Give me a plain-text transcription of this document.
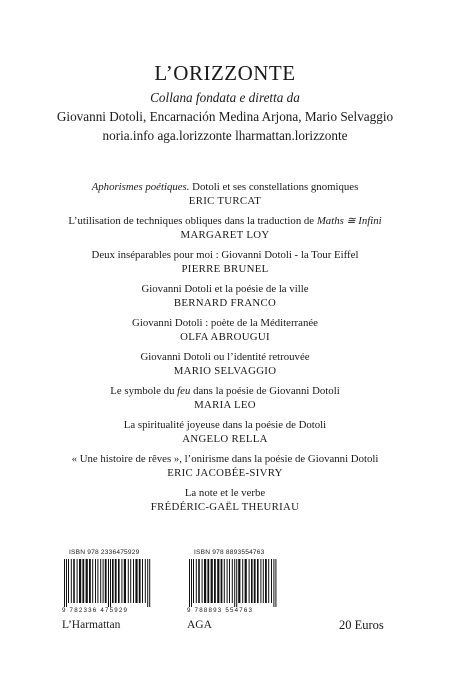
L’ORIZZONTE
Collana fondata e diretta da
Giovanni Dotoli, Encarnación Medina Arjona, Mario Selvaggio
noria.info aga.lorizzonte lharmattan.lorizzonte
Aphorismes poétiques. Dotoli et ses constellations gnomiques
ERIC TURCAT
L’utilisation de techniques obliques dans la traduction de Maths ≅ Infini
MARGARET LOY
Deux inséparables pour moi : Giovanni Dotoli - la Tour Eiffel
PIERRE BRUNEL
Giovanni Dotoli et la poésie de la ville
BERNARD FRANCO
Giovanni Dotoli : poète de la Méditerranée
OLFA ABROUGUI
Giovanni Dotoli ou l’identité retrouvée
MARIO SELVAGGIO
Le symbole du feu dans la poésie de Giovanni Dotoli
MARIA LEO
La spiritualité joyeuse dans la poésie de Dotoli
ANGELO RELLA
« Une histoire de rêves », l’onirisme dans la poésie de Giovanni Dotoli
ERIC JACOBÉE-SIVRY
La note et le verbe
FRÉDÉRIC-GAËL THEURIAU
ISBN 978 2336475929
9 782336 475929
ISBN 978 8893554763
9 788893 554763
L’Harmattan	AGA	20 Euros
